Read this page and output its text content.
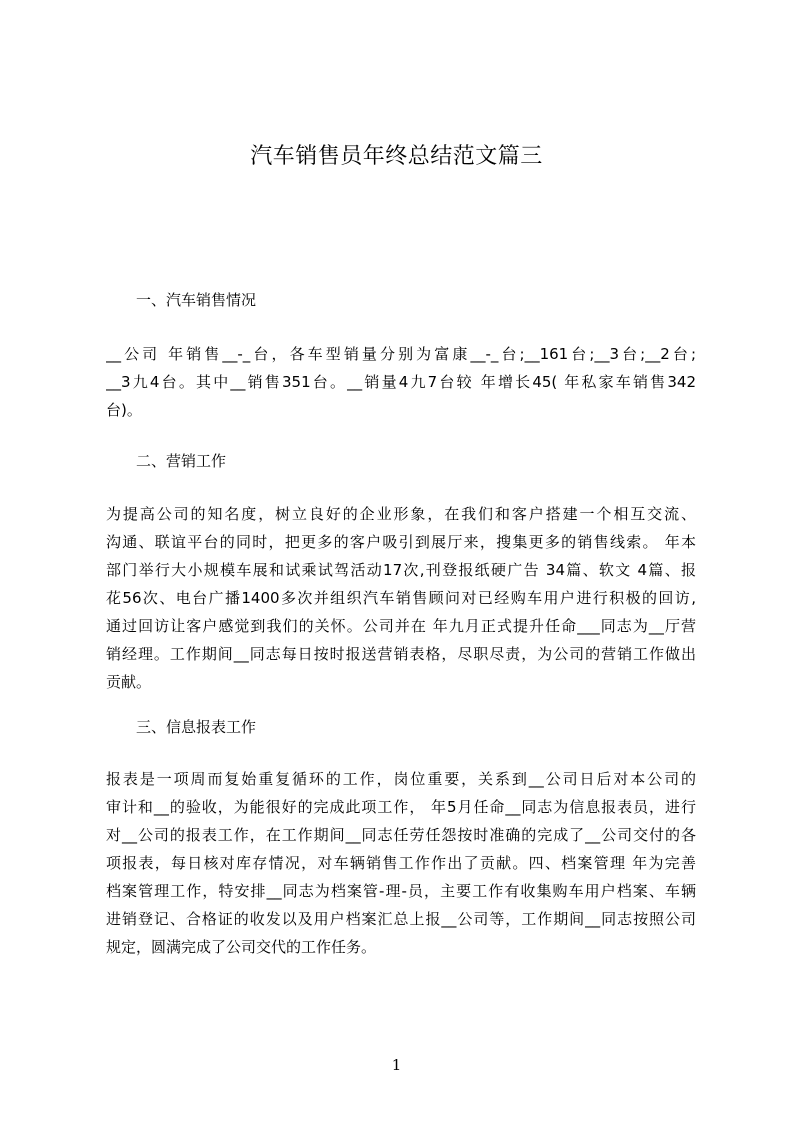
汽车销售员年终总结范文篇三
一、汽车销售情况
__公司 年销售__-_台，各车型销量分别为富康__-_台;__161台;__3台;__2台;
__3九4台。其中__销售351台。__销量4九7台较 年增长45( 年私家车销售342
台)。
二、营销工作
为提高公司的知名度，树立良好的企业形象，在我们和客户搭建一个相互交流、
沟通、联谊平台的同时，把更多的客户吸引到展厅来，搜集更多的销售线索。 年本
部门举行大小规模车展和试乘试驾活动17次,刊登报纸硬广告 34篇、软文 4篇、报
花56次、电台广播1400多次并组织汽车销售顾问对已经购车用户进行积极的回访,
通过回访让客户感觉到我们的关怀。公司并在 年九月正式提升任命___同志为__厅营
销经理。工作期间__同志每日按时报送营销表格，尽职尽责，为公司的营销工作做出
贡献。
三、信息报表工作
报表是一项周而复始重复循环的工作，岗位重要，关系到__公司日后对本公司的
审计和__的验收，为能很好的完成此项工作， 年5月任命__同志为信息报表员，进行
对__公司的报表工作，在工作期间__同志任劳任怨按时准确的完成了__公司交付的各
项报表，每日核对库存情况，对车辆销售工作作出了贡献。四、档案管理 年为完善
档案管理工作，特安排__同志为档案管-理-员，主要工作有收集购车用户档案、车辆
进销登记、合格证的收发以及用户档案汇总上报__公司等，工作期间__同志按照公司
规定，圆满完成了公司交代的工作任务。
1
